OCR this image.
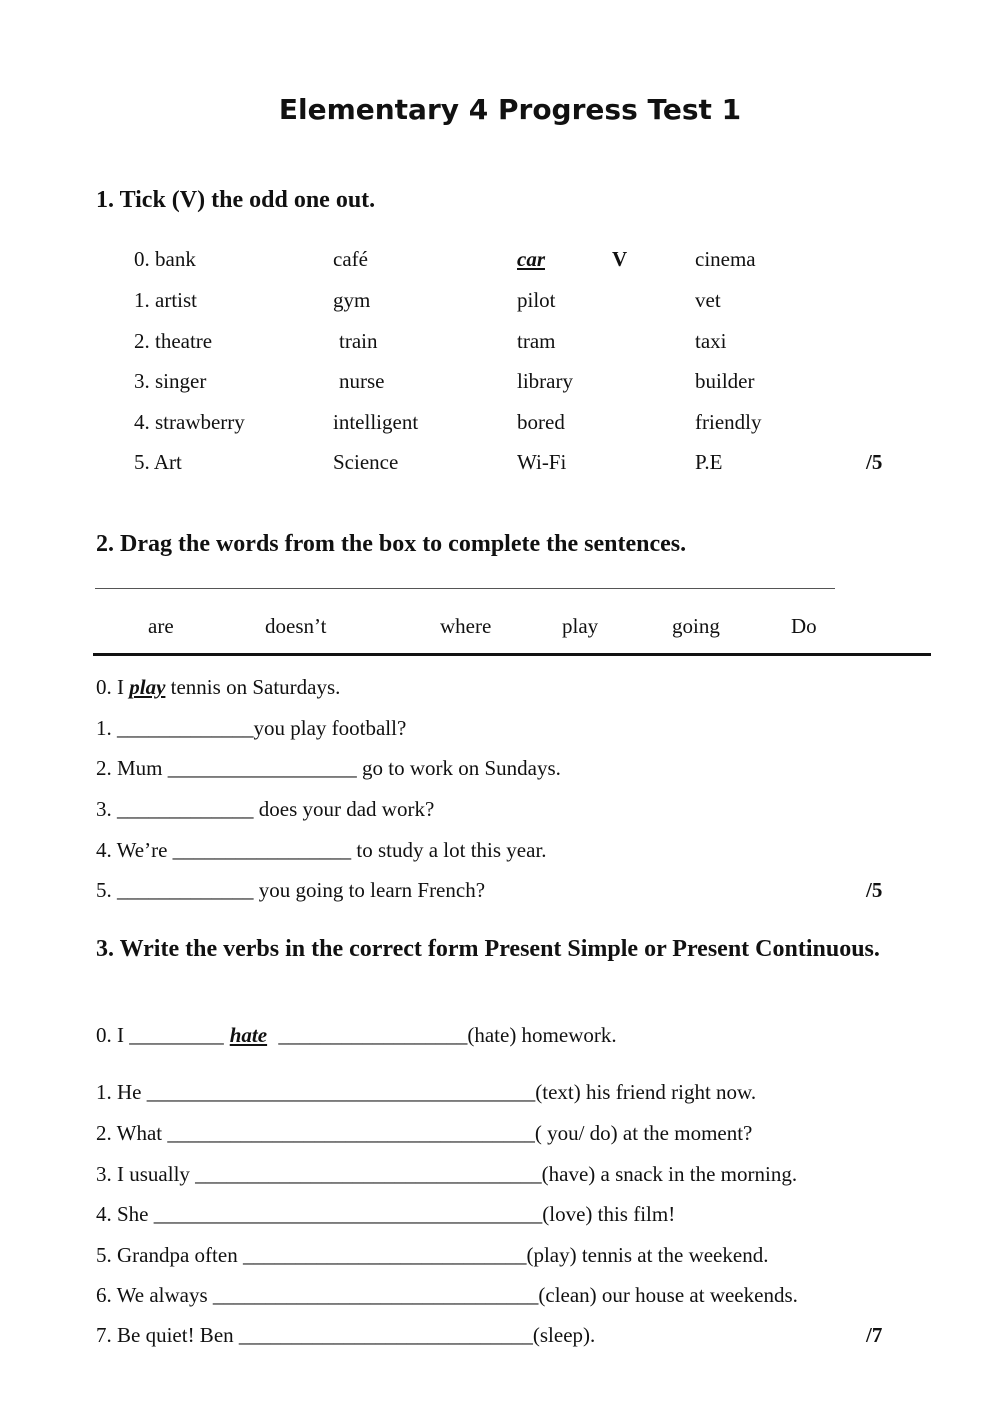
Elementary 4 Progress Test 1
1. Tick (V) the odd one out.
0. bank	café	car	V	cinema
1. artist	gym	pilot	vet
2. theatre	train	tram	taxi
3. singer	nurse	library	builder
4. strawberry	intelligent	bored	friendly
5. Art	Science	Wi-Fi	P.E	/5
2. Drag the words from the box to complete the sentences.
are	doesn’t	where	play	going	Do
0. I play tennis on Saturdays.
1. _____________you play football?
2. Mum __________________ go to work on Sundays.
3. _____________ does your dad work?
4. We’re _________________ to study a lot this year.
5. _____________ you going to learn French?	/5
3. Write the verbs in the correct form Present Simple or Present Continuous.
0. I _________ hate __________________(hate) homework.
1. He _____________________________________(text) his friend right now.
2. What ___________________________________( you/ do) at the moment?
3. I usually _________________________________(have) a snack in the morning.
4. She _____________________________________(love) this film!
5. Grandpa often ___________________________(play) tennis at the weekend.
6. We always _______________________________(clean) our house at weekends.
7. Be quiet! Ben ____________________________(sleep).	/7
